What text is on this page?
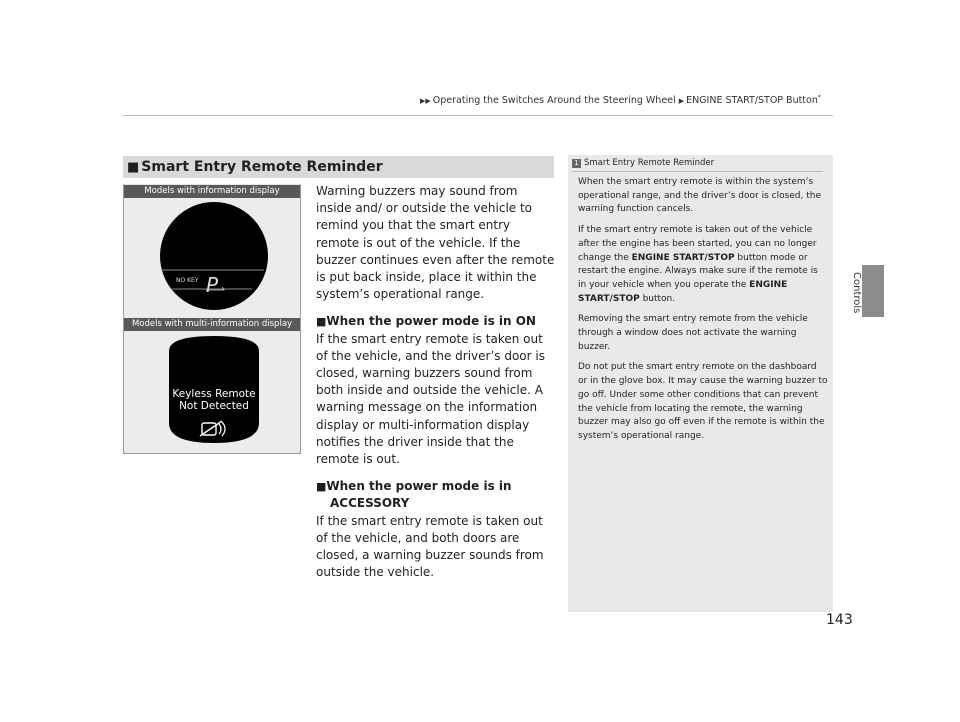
▶▶ Operating the Switches Around the Steering Wheel ▶ ENGINE START/STOP Button*
Controls
■ Smart Entry Remote Reminder
Models with information display
NO KEY P
Models with multi-information display
Keyless Remote
Not Detected

Warning buzzers may sound from inside and/ or outside the vehicle to remind you that the smart entry remote is out of the vehicle. If the buzzer continues even after the remote is put back inside, place it within the system’s operational range.

■When the power mode is in ON

If the smart entry remote is taken out of the vehicle, and the driver’s door is closed, warning buzzers sound from both inside and outside the vehicle. A warning message on the information display or multi-information display notifies the driver inside that the remote is out.

■When the power mode is in

ACCESSORY

If the smart entry remote is taken out of the vehicle, and both doors are closed, a warning buzzer sounds from outside the vehicle.

1 Smart Entry Remote Reminder

When the smart entry remote is within the system’s operational range, and the driver’s door is closed, the warning function cancels.

If the smart entry remote is taken out of the vehicle after the engine has been started, you can no longer change the ENGINE START/STOP button mode or restart the engine. Always make sure if the remote is in your vehicle when you operate the ENGINE START/STOP button.

Removing the smart entry remote from the vehicle through a window does not activate the warning buzzer.

Do not put the smart entry remote on the dashboard or in the glove box. It may cause the warning buzzer to go off. Under some other conditions that can prevent the vehicle from locating the remote, the warning buzzer may also go off even if the remote is within the system’s operational range.

143
